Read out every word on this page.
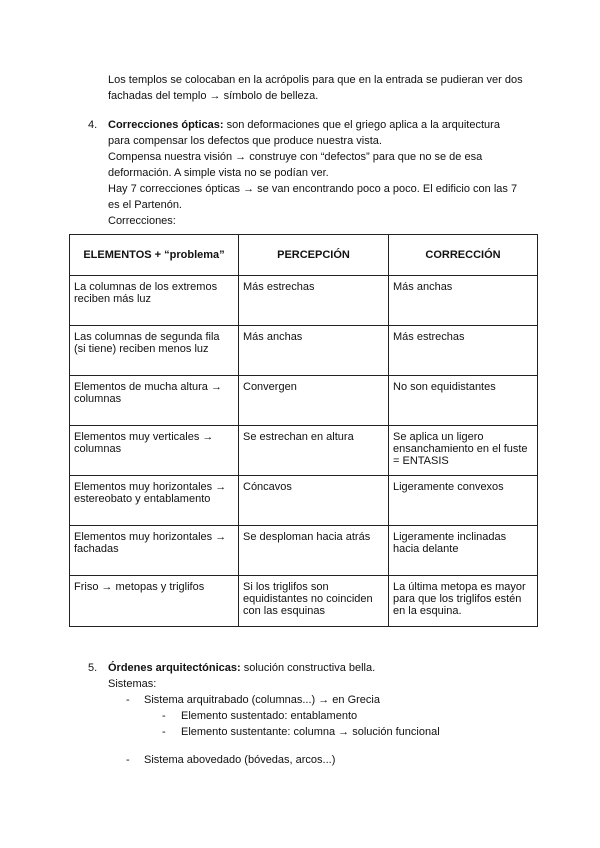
Los templos se colocaban en la acrópolis para que en la entrada se pudieran ver dos
fachadas del templo → símbolo de belleza.
4. Correcciones ópticas: son deformaciones que el griego aplica a la arquitectura
para compensar los defectos que produce nuestra vista.
Compensa nuestra visión → construye con “defectos” para que no se de esa
deformación. A simple vista no se podían ver.
Hay 7 correcciones ópticas → se van encontrando poco a poco. El edificio con las 7
es el Partenón.
Correcciones:
ELEMENTOS + “problema”	PERCEPCIÓN	CORRECCIÓN
La columnas de los extremos reciben más luz	Más estrechas	Más anchas
Las columnas de segunda fila (si tiene) reciben menos luz	Más anchas	Más estrechas
Elementos de mucha altura → columnas	Convergen	No son equidistantes
Elementos muy verticales → columnas	Se estrechan en altura	Se aplica un ligero ensanchamiento en el fuste = ENTASIS
Elementos muy horizontales → estereobato y entablamento	Cóncavos	Ligeramente convexos
Elementos muy horizontales → fachadas	Se desploman hacia atrás	Ligeramente inclinadas hacia delante
Friso → metopas y triglifos	Si los triglifos son equidistantes no coinciden con las esquinas	La última metopa es mayor para que los triglifos estén en la esquina.
5. Órdenes arquitectónicas: solución constructiva bella.
Sistemas:
- Sistema arquitrabado (columnas...) → en Grecia
- Elemento sustentado: entablamento
- Elemento sustentante: columna → solución funcional
- Sistema abovedado (bóvedas, arcos...)
